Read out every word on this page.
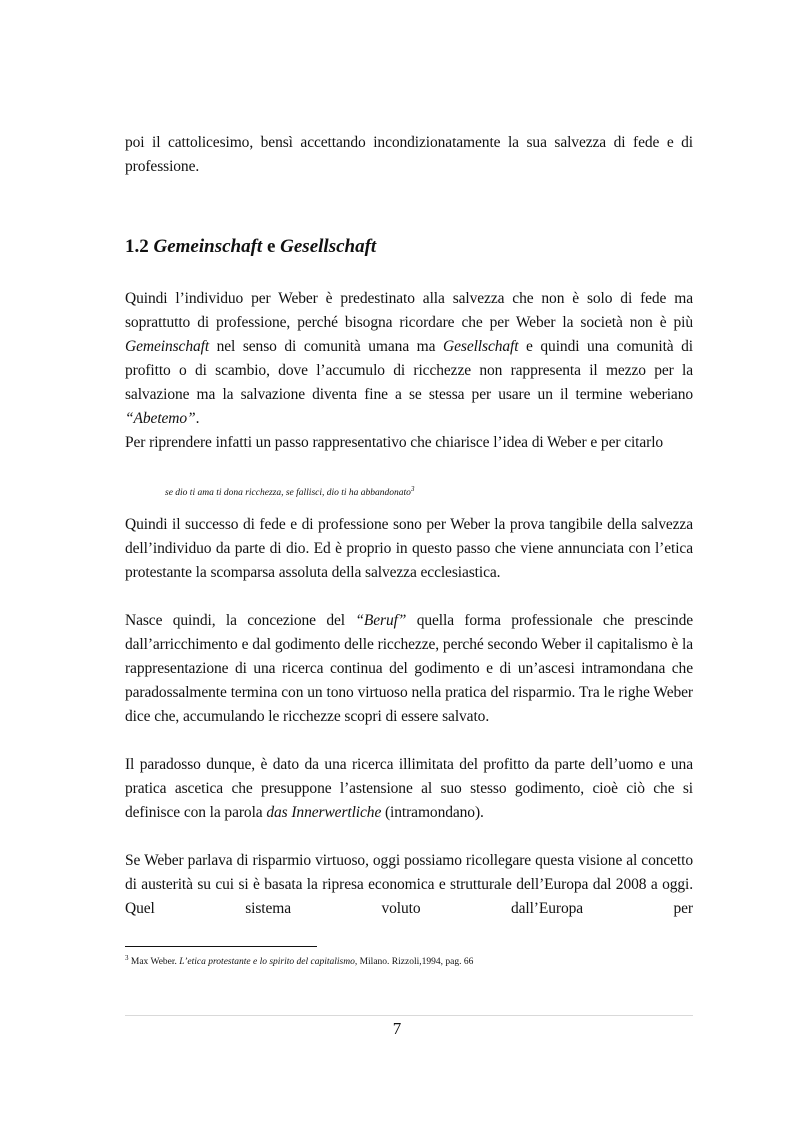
poi il cattolicesimo, bensì accettando incondizionatamente la sua salvezza di fede e di professione.

1.2 Gemeinschaft e Gesellschaft

Quindi l’individuo per Weber è predestinato alla salvezza che non è solo di fede ma soprattutto di professione, perché bisogna ricordare che per Weber la società non è più Gemeinschaft nel senso di comunità umana ma Gesellschaft e quindi una comunità di profitto o di scambio, dove l’accumulo di ricchezze non rappresenta il mezzo per la salvazione ma la salvazione diventa fine a se stessa per usare un il termine weberiano “Abetemo”.

Per riprendere infatti un passo rappresentativo che chiarisce l’idea di Weber e per citarlo

se dio ti ama ti dona ricchezza, se fallisci, dio ti ha abbandonato$^3$

Quindi il successo di fede e di professione sono per Weber la prova tangibile della salvezza dell’individuo da parte di dio. Ed è proprio in questo passo che viene annunciata con l’etica protestante la scomparsa assoluta della salvezza ecclesiastica.

Nasce quindi, la concezione del “Beruf” quella forma professionale che prescinde dall’arricchimento e dal godimento delle ricchezze, perché secondo Weber il capitalismo è la rappresentazione di una ricerca continua del godimento e di un’ascesi intramondana che paradossalmente termina con un tono virtuoso nella pratica del risparmio. Tra le righe Weber dice che, accumulando le ricchezze scopri di essere salvato.

Il paradosso dunque, è dato da una ricerca illimitata del profitto da parte dell’uomo e una pratica ascetica che presuppone l’astensione al suo stesso godimento, cioè ciò che si definisce con la parola das Innerwertliche (intramondano).

Se Weber parlava di risparmio virtuoso, oggi possiamo ricollegare questa visione al concetto di austerità su cui si è basata la ripresa economica e strutturale dell’Europa dal 2008 a oggi. Quel sistema voluto dall’Europa per

$^3$ Max Weber. L’etica protestante e lo spirito del capitalismo, Milano. Rizzoli,1994, pag. 66

7
